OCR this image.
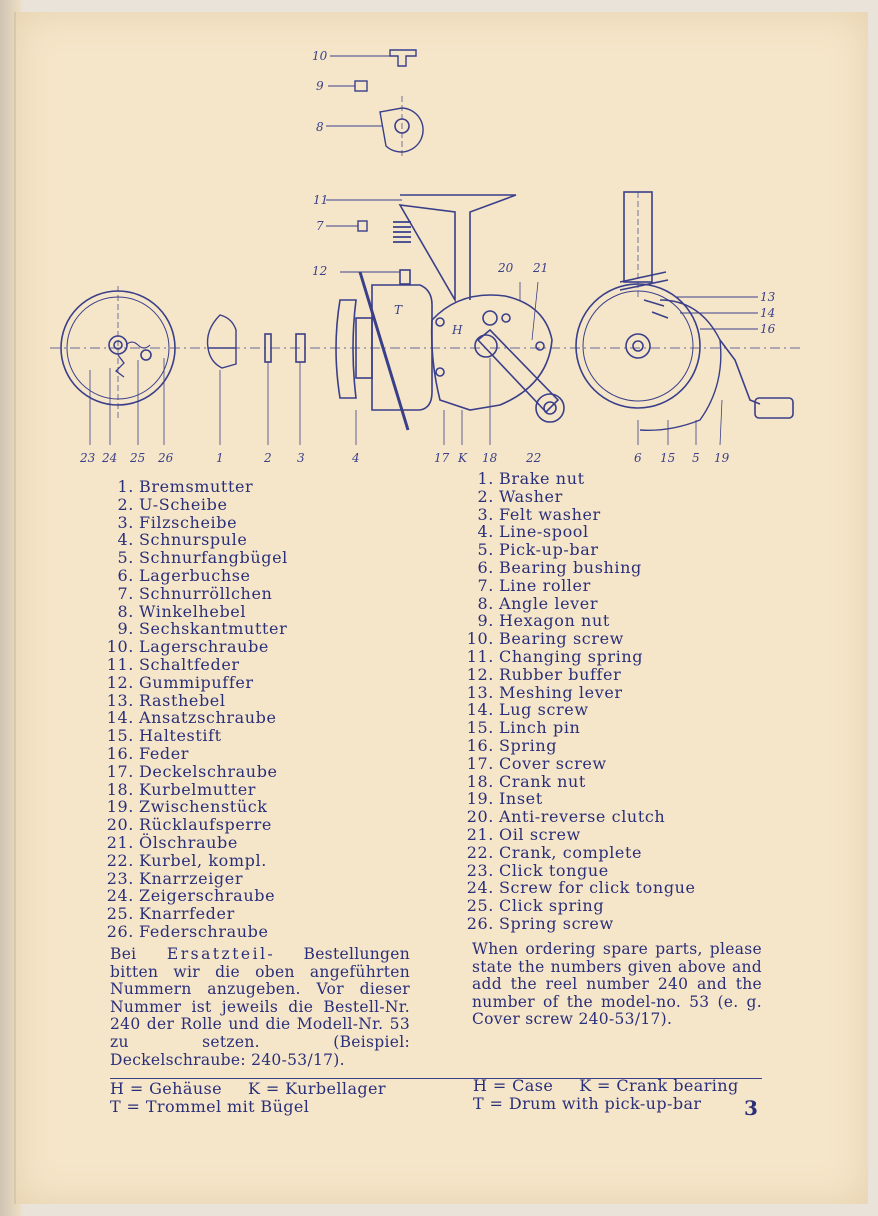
10
9
8
11
7
12
T
H
20 21
13
14
16
23 24 25 26	1	2 3	4	17 K 18 22	6 15 5 19
1. Bremsmutter
2. U-Scheibe
3. Filzscheibe
4. Schnurspule
5. Schnurfangbügel
6. Lagerbuchse
7. Schnurröllchen
8. Winkelhebel
9. Sechskantmutter
10. Lagerschraube
11. Schaltfeder
12. Gummipuffer
13. Rasthebel
14. Ansatzschraube
15. Haltestift
16. Feder
17. Deckelschraube
18. Kurbelmutter
19. Zwischenstück
20. Rücklaufsperre
21. Ölschraube
22. Kurbel, kompl.
23. Knarrzeiger
24. Zeigerschraube
25. Knarrfeder
26. Federschraube
1. Brake nut
2. Washer
3. Felt washer
4. Line-spool
5. Pick-up-bar
6. Bearing bushing
7. Line roller
8. Angle lever
9. Hexagon nut
10. Bearing screw
11. Changing spring
12. Rubber buffer
13. Meshing lever
14. Lug screw
15. Linch pin
16. Spring
17. Cover screw
18. Crank nut
19. Inset
20. Anti-reverse clutch
21. Oil screw
22. Crank, complete
23. Click tongue
24. Screw for click tongue
25. Click spring
26. Spring screw

Bei Ersatzteil- Bestellungen bitten wir die oben angeführten Nummern anzugeben. Vor dieser Nummer ist jeweils die Bestell-Nr. 240 der Rolle und die Modell-Nr. 53 zu setzen. (Beispiel: Deckelschraube: 240-53/17).

When ordering spare parts, please state the numbers given above and add the reel number 240 and the number of the model-no. 53 (e. g. Cover screw 240-53/17).

H = Gehäuse K = Kurbellager
T = Trommel mit Bügel
H = Case K = Crank bearing
T = Drum with pick-up-bar	3
